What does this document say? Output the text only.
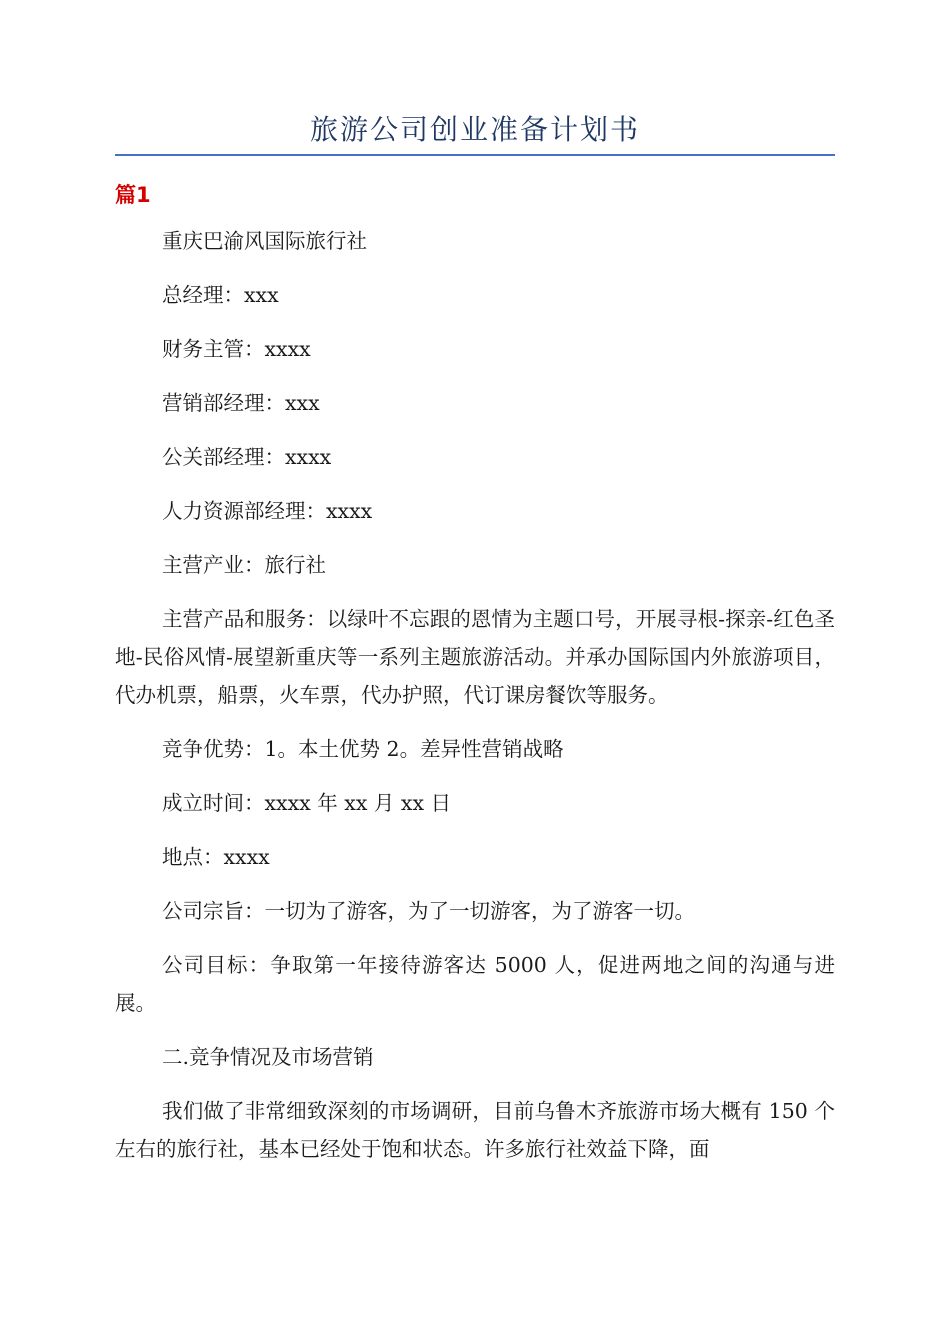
旅游公司创业准备计划书
篇1

重庆巴渝风国际旅行社

总经理：xxx

财务主管：xxxx

营销部经理：xxx

公关部经理：xxxx

人力资源部经理：xxxx

主营产业：旅行社

主营产品和服务：以绿叶不忘跟的恩情为主题口号，开展寻根-探亲-红色圣地-民俗风情-展望新重庆等一系列主题旅游活动。并承办国际国内外旅游项目，代办机票，船票，火车票，代办护照，代订课房餐饮等服务。

竞争优势：1。本土优势 2。差异性营销战略

成立时间：xxxx 年 xx 月 xx 日

地点：xxxx

公司宗旨：一切为了游客，为了一切游客，为了游客一切。

公司目标：争取第一年接待游客达 5000 人，促进两地之间的沟通与进展。

二.竞争情况及市场营销

我们做了非常细致深刻的市场调研，目前乌鲁木齐旅游市场大概有 150 个左右的旅行社，基本已经处于饱和状态。许多旅行社效益下降，面
